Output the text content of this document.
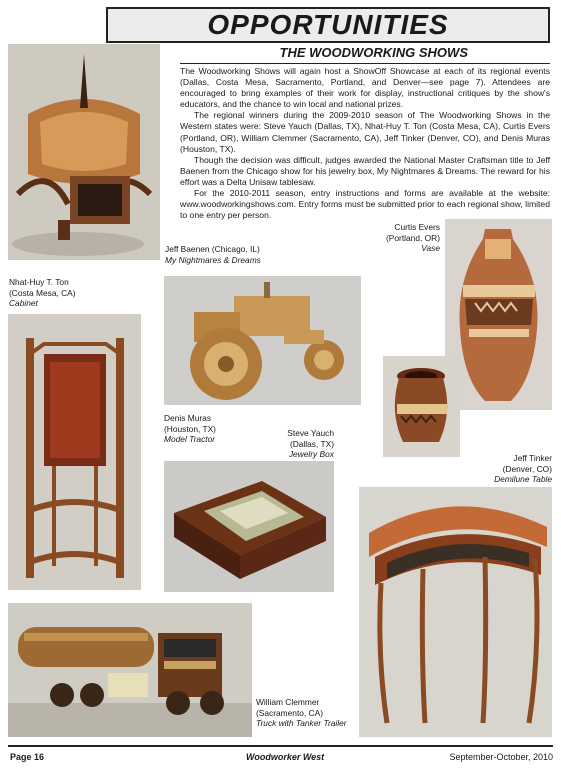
OPPORTUNITIES
THE WOODWORKING SHOWS

The Woodworking Shows will again host a ShowOff Showcase at each of its regional events (Dallas, Costa Mesa, Sacramento, Portland, and Denver—see page 7). Attendees are encouraged to bring examples of their work for display, instructional critiques by the show's educators, and the chance to win local and national prizes.

The regional winners during the 2009-2010 season of The Woodworking Shows in the Western states were: Steve Yauch (Dallas, TX), Nhat-Huy T. Ton (Costa Mesa, CA), Curtis Evers (Portland, OR), William Clemmer (Sacramento, CA), Jeff Tinker (Denver, CO), and Denis Muras (Houston, TX).

Though the decision was difficult, judges awarded the National Master Craftsman title to Jeff Baenen from the Chicago show for his jewelry box, My Nightmares & Dreams. The reward for his effort was a Delta Unisaw tablesaw.

For the 2010-2011 season, entry instructions and forms are available at the website: www.woodworkingshows.com. Entry forms must be submitted prior to each regional show, limited to one entry per person.

Jeff Baenen (Chicago, IL)
My Nightmares & Dreams
Curtis Evers
(Portland, OR)
Vase
Nhat-Huy T. Ton
(Costa Mesa, CA)
Cabinet
Denis Muras
(Houston, TX)
Model Tractor
Steve Yauch
(Dallas, TX)
Jewelry Box	Jeff Tinker
(Denver, CO)
Demilune Table
William Clemmer
(Sacramento, CA)
Truck with Tanker Trailer
Page 16	Woodworker West	September-October, 2010
